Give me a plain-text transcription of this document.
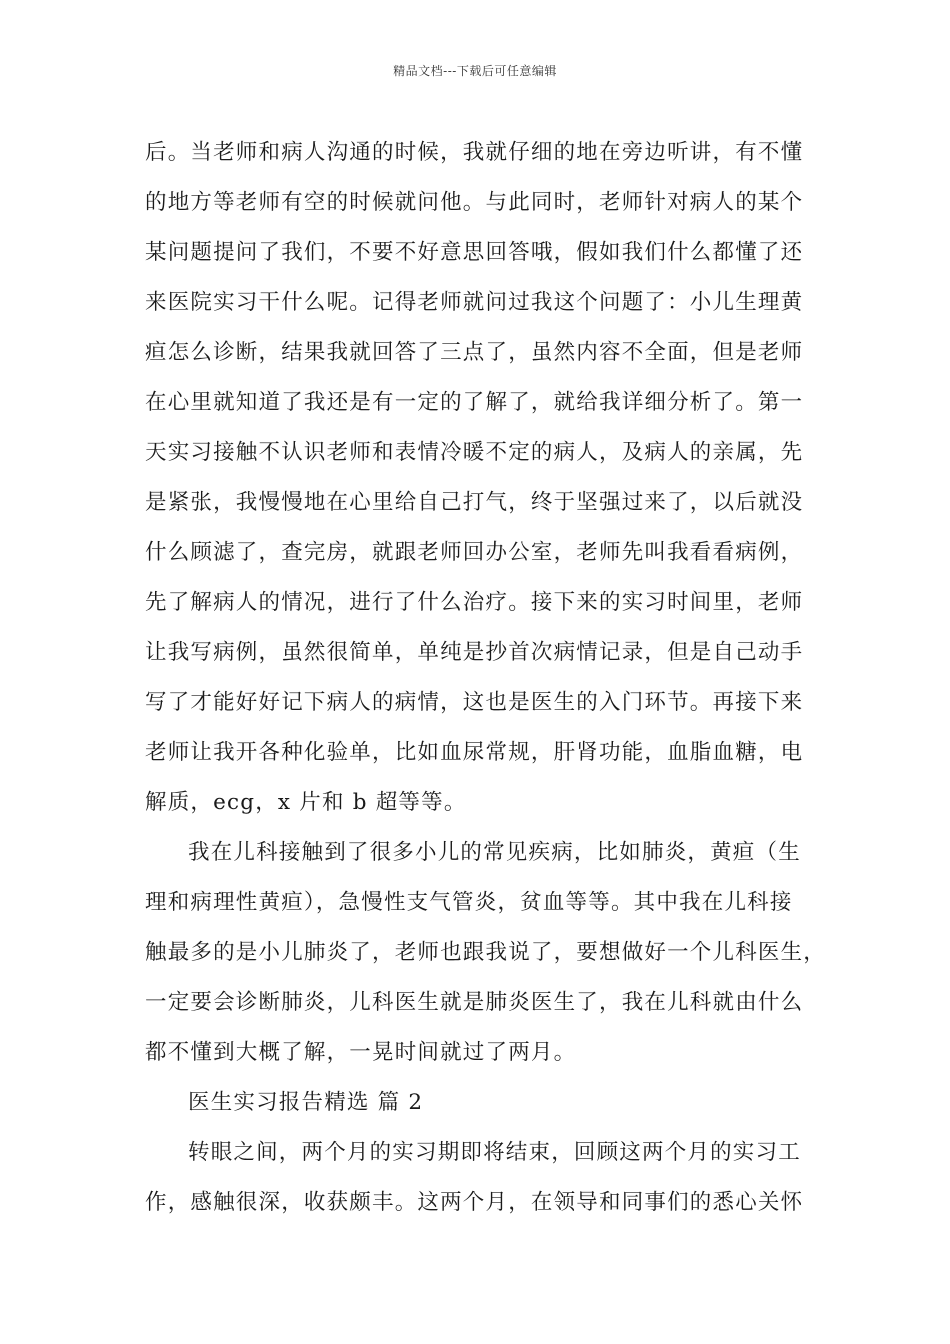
精品文档---下载后可任意编辑
后。当老师和病人沟通的时候，我就仔细的地在旁边听讲，有不懂
的地方等老师有空的时候就问他。与此同时，老师针对病人的某个
某问题提问了我们，不要不好意思回答哦，假如我们什么都懂了还
来医院实习干什么呢。记得老师就问过我这个问题了：小儿生理黄
疸怎么诊断，结果我就回答了三点了，虽然内容不全面，但是老师
在心里就知道了我还是有一定的了解了，就给我详细分析了。第一
天实习接触不认识老师和表情冷暖不定的病人，及病人的亲属，先
是紧张，我慢慢地在心里给自己打气，终于坚强过来了，以后就没
什么顾滤了，查完房，就跟老师回办公室，老师先叫我看看病例，
先了解病人的情况，进行了什么治疗。接下来的实习时间里，老师
让我写病例，虽然很简单，单纯是抄首次病情记录，但是自己动手
写了才能好好记下病人的病情，这也是医生的入门环节。再接下来
老师让我开各种化验单，比如血尿常规，肝肾功能，血脂血糖，电
解质，ecg，x 片和 b 超等等。
我在儿科接触到了很多小儿的常见疾病，比如肺炎，黄疸（生
理和病理性黄疸），急慢性支气管炎，贫血等等。其中我在儿科接
触最多的是小儿肺炎了，老师也跟我说了，要想做好一个儿科医生，
一定要会诊断肺炎，儿科医生就是肺炎医生了，我在儿科就由什么
都不懂到大概了解，一晃时间就过了两月。
医生实习报告精选 篇 2
转眼之间，两个月的实习期即将结束，回顾这两个月的实习工
作，感触很深，收获颇丰。这两个月，在领导和同事们的悉心关怀
